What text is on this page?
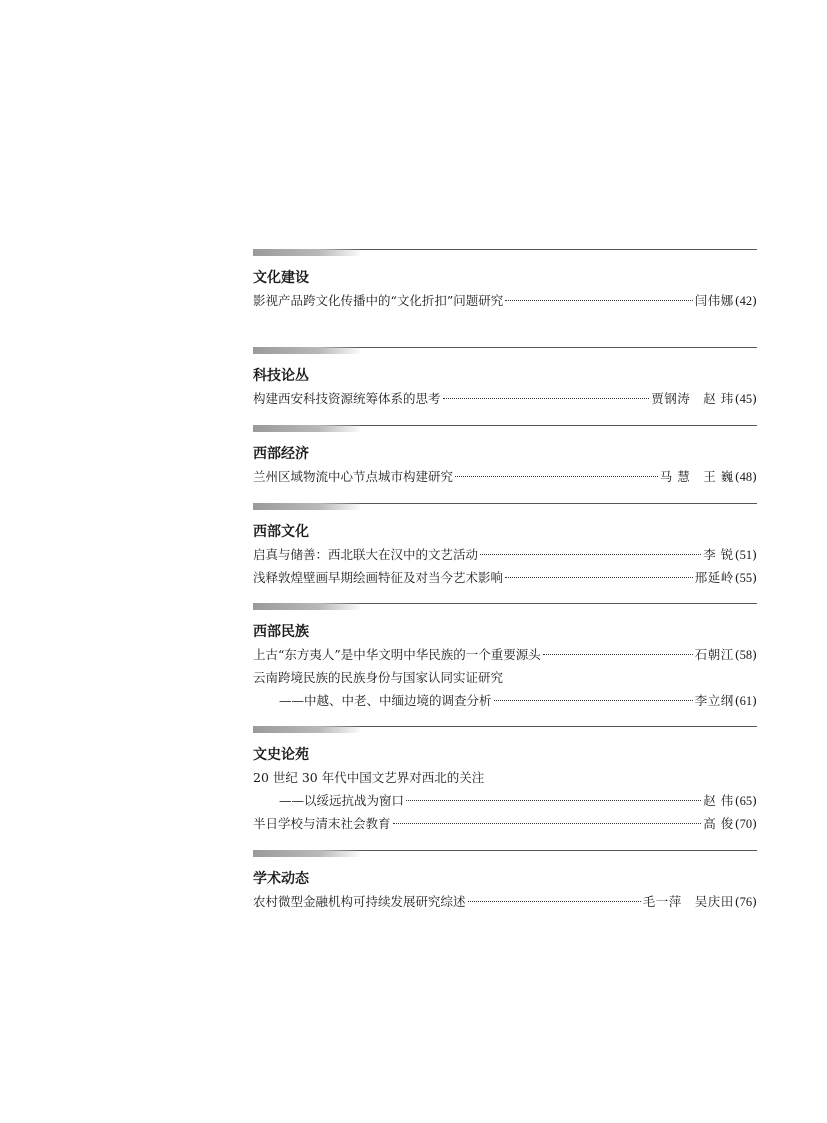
文化建设
影视产品跨文化传播中的“文化折扣”问题研究	闫伟娜 (42)
科技论丛
构建西安科技资源统筹体系的思考	贾钢涛　赵 玮 (45)
西部经济
兰州区域物流中心节点城市构建研究	马 慧　王 巍 (48)
西部文化
启真与储善：西北联大在汉中的文艺活动	李 锐 (51)
浅释敦煌壁画早期绘画特征及对当今艺术影响	邢延岭 (55)
西部民族
上古“东方夷人”是中华文明中华民族的一个重要源头	石朝江 (58)
云南跨境民族的民族身份与国家认同实证研究
——中越、中老、中缅边境的调查分析	李立纲 (61)
文史论苑
20 世纪 30 年代中国文艺界对西北的关注
——以绥远抗战为窗口	赵 伟 (65)
半日学校与清末社会教育	高 俊 (70)
学术动态
农村微型金融机构可持续发展研究综述	毛一萍　吴庆田 (76)
